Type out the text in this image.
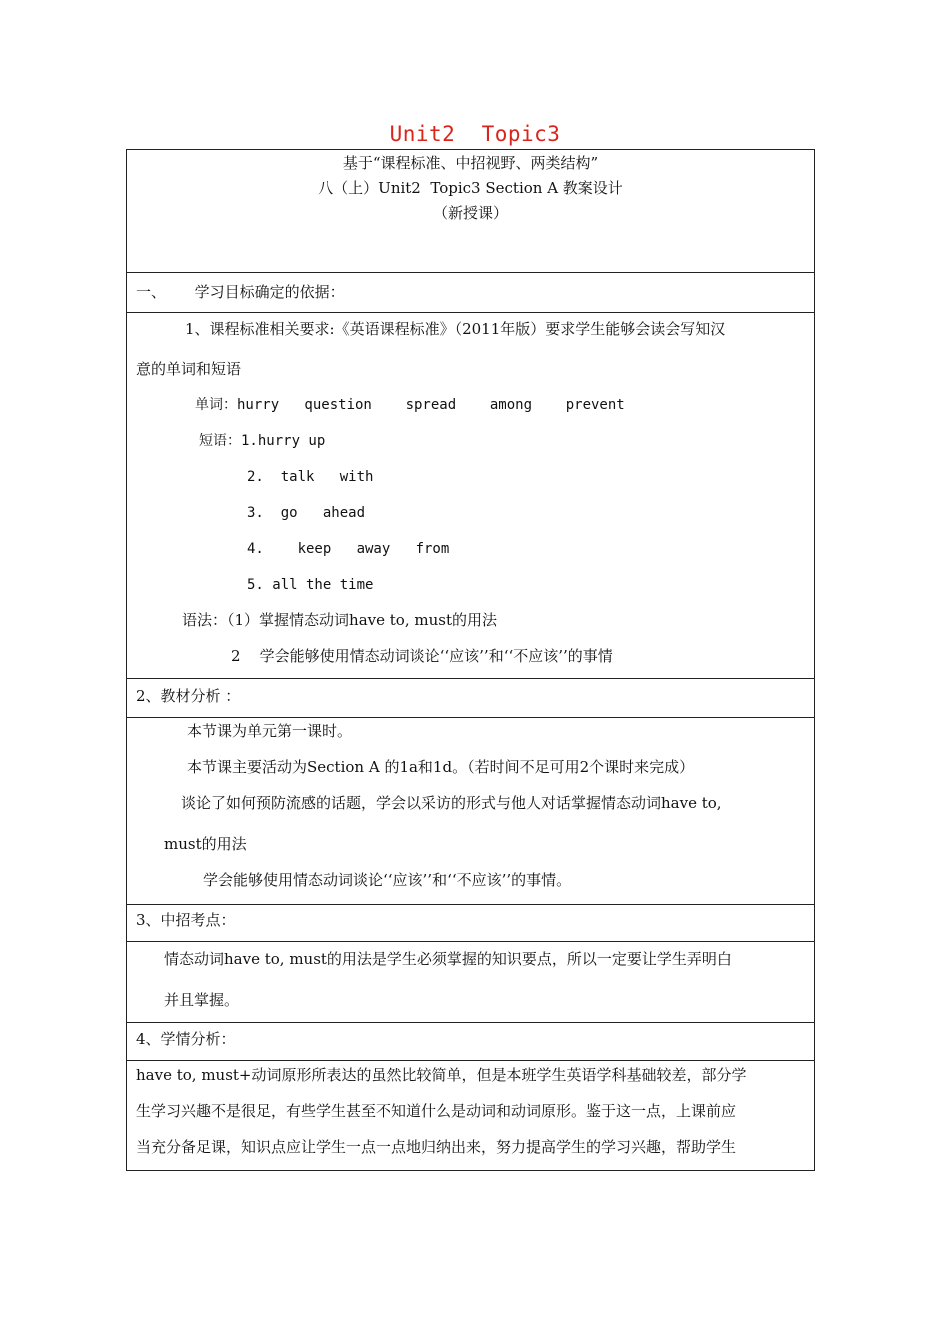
Unit2  Topic3
基于“课程标准、中招视野、两类结构”
八（上）Unit2  Topic3 Section A 教案设计
（新授课）
一、      学习目标确定的依据：
1、课程标准相关要求:《英语课程标准》（2011年版）要求学生能够会读会写知汉
意的单词和短语
单词：hurry   question    spread    among    prevent
短语：1.hurry up
2.  talk   with
3.  go   ahead
4.    keep   away   from
5. all the time
语法：（1）掌握情态动词have to, must的用法
2    学会能够使用情态动词谈论‘‘应该’’和‘‘不应该’’的事情
2、教材分析 ：
本节课为单元第一课时。
本节课主要活动为Section A 的1a和1d。（若时间不足可用2个课时来完成）
谈论了如何预防流感的话题，学会以采访的形式与他人对话掌握情态动词have to,
must的用法
学会能够使用情态动词谈论‘‘应该’’和‘‘不应该’’的事情。
3、中招考点：
情态动词have to, must的用法是学生必须掌握的知识要点，所以一定要让学生弄明白
并且掌握。
4、学情分析：
have to, must+动词原形所表达的虽然比较简单，但是本班学生英语学科基础较差，部分学
生学习兴趣不是很足，有些学生甚至不知道什么是动词和动词原形。鉴于这一点，上课前应
当充分备足课，知识点应让学生一点一点地归纳出来，努力提高学生的学习兴趣，帮助学生
